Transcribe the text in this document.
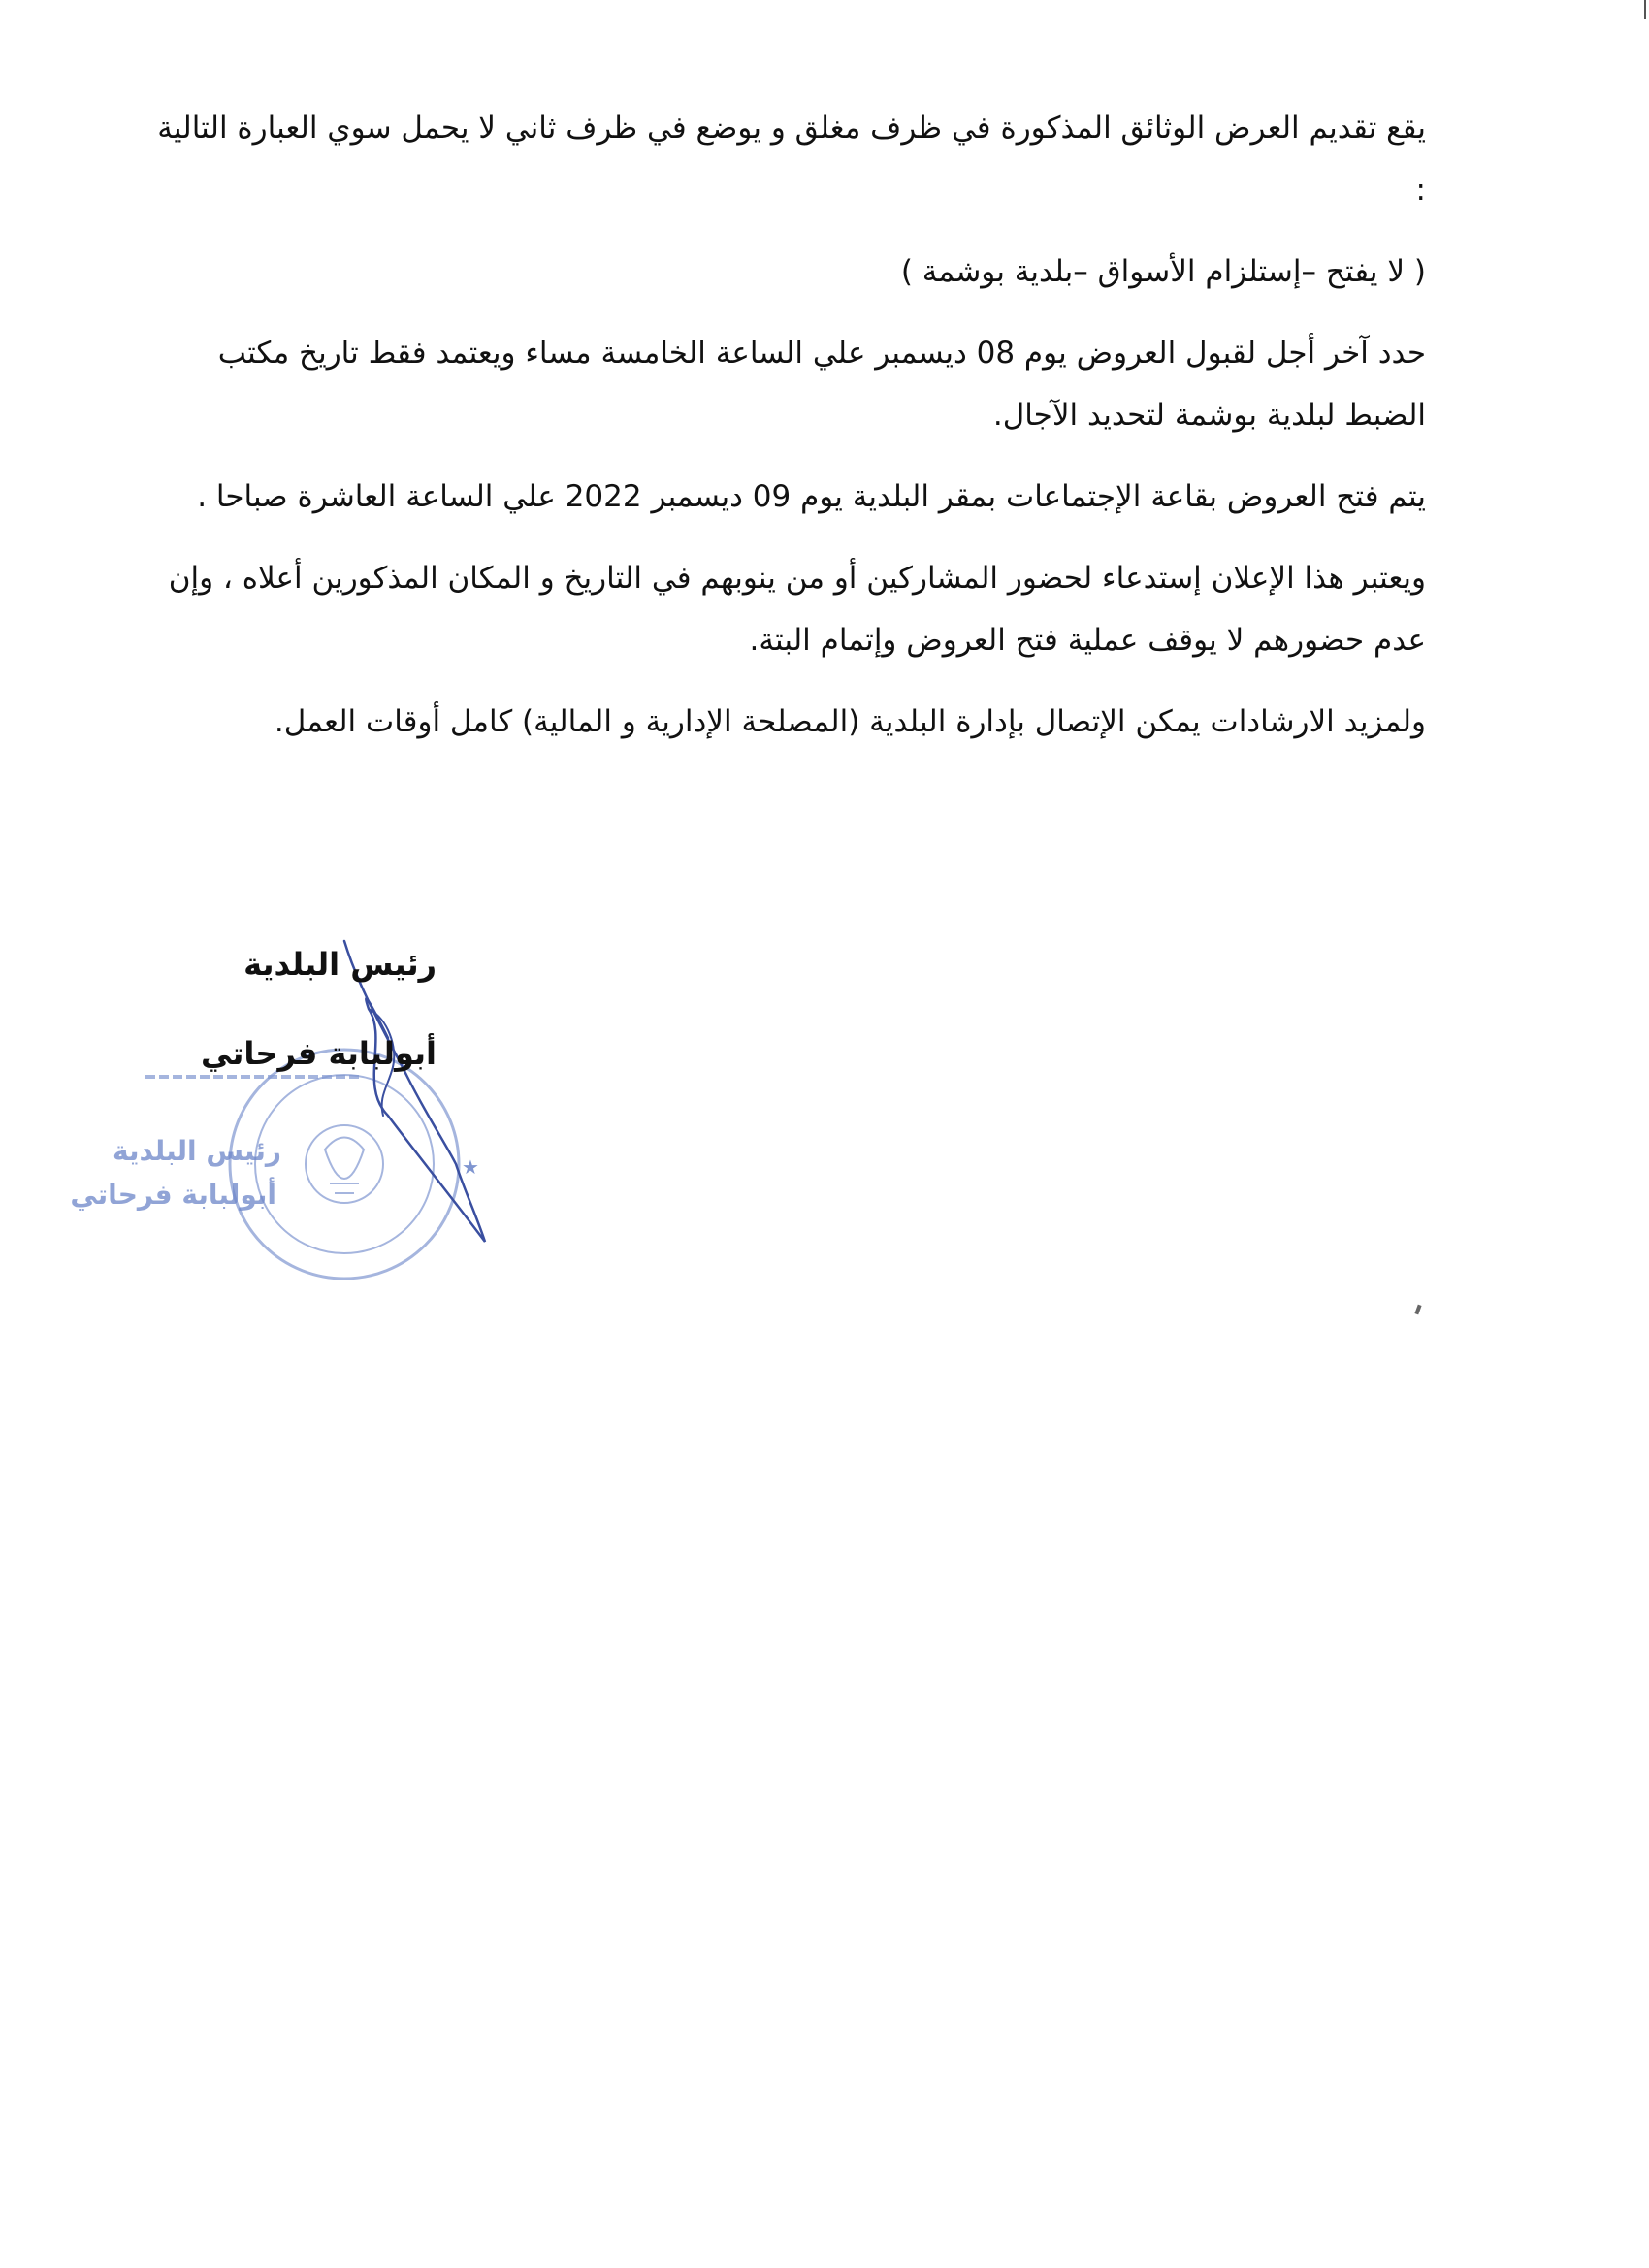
يقع تقديم العرض الوثائق المذكورة في ظرف مغلق و يوضع في ظرف ثاني لا يحمل سوي العبارة التالية :

( لا يفتح –إستلزام الأسواق –بلدية بوشمة )

حدد آخر أجل لقبول العروض يوم 08 ديسمبر علي الساعة الخامسة مساء ويعتمد فقط تاريخ مكتب الضبط لبلدية بوشمة لتحديد الآجال.

يتم فتح العروض بقاعة الإجتماعات بمقر البلدية يوم 09 ديسمبر 2022 علي الساعة العاشرة صباحا .

ويعتبر هذا الإعلان إستدعاء لحضور المشاركين أو من ينوبهم في التاريخ و المكان المذكورين أعلاه ، وإن عدم حضورهم لا يوقف عملية فتح العروض وإتمام البتة.

ولمزيد الارشادات يمكن الإتصال بإدارة البلدية (المصلحة الإدارية و المالية) كامل أوقات العمل.

★
رئيس البلدية
أبولبابة فرحاتي
رئيس البلدية
أبولبابة فرحاتي
